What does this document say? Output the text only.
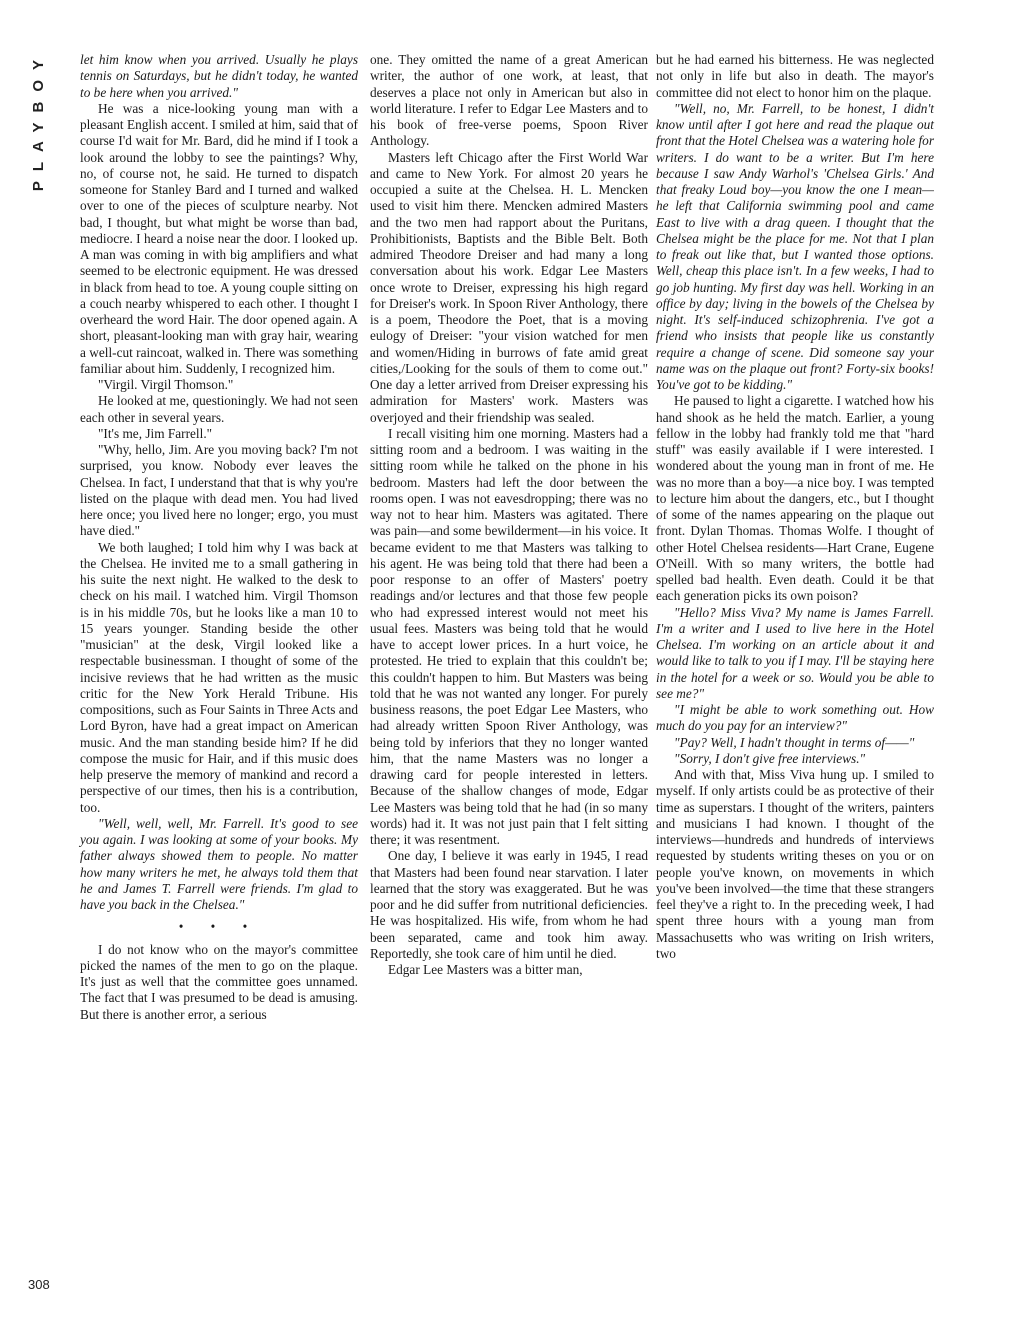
PLAYBOY
308

let him know when you arrived. Usually he plays tennis on Saturdays, but he didn't today, he wanted to be here when you arrived."

He was a nice-looking young man with a pleasant English accent. I smiled at him, said that of course I'd wait for Mr. Bard, did he mind if I took a look around the lobby to see the paintings? Why, no, of course not, he said. He turned to dispatch someone for Stanley Bard and I turned and walked over to one of the pieces of sculpture nearby. Not bad, I thought, but what might be worse than bad, mediocre. I heard a noise near the door. I looked up. A man was coming in with big amplifiers and what seemed to be electronic equipment. He was dressed in black from head to toe. A young couple sitting on a couch nearby whispered to each other. I thought I overheard the word Hair. The door opened again. A short, pleasant-looking man with gray hair, wearing a well-cut raincoat, walked in. There was something familiar about him. Suddenly, I recognized him.

"Virgil. Virgil Thomson."

He looked at me, questioningly. We had not seen each other in several years.

"It's me, Jim Farrell."

"Why, hello, Jim. Are you moving back? I'm not surprised, you know. Nobody ever leaves the Chelsea. In fact, I understand that that is why you're listed on the plaque with dead men. You had lived here once; you lived here no longer; ergo, you must have died."

We both laughed; I told him why I was back at the Chelsea. He invited me to a small gathering in his suite the next night. He walked to the desk to check on his mail. I watched him. Virgil Thomson is in his middle 70s, but he looks like a man 10 to 15 years younger. Standing beside the other "musician" at the desk, Virgil looked like a respectable businessman. I thought of some of the incisive reviews that he had written as the music critic for the New York Herald Tribune. His compositions, such as Four Saints in Three Acts and Lord Byron, have had a great impact on American music. And the man standing beside him? If he did compose the music for Hair, and if this music does help preserve the memory of mankind and record a perspective of our times, then his is a contribution, too.

"Well, well, well, Mr. Farrell. It's good to see you again. I was looking at some of your books. My father always showed them to people. No matter how many writers he met, he always told them that he and James T. Farrell were friends. I'm glad to have you back in the Chelsea."

• • •

I do not know who on the mayor's committee picked the names of the men to go on the plaque. It's just as well that the committee goes unnamed. The fact that I was presumed to be dead is amusing. But there is another error, a serious

one. They omitted the name of a great American writer, the author of one work, at least, that deserves a place not only in American but also in world literature. I refer to Edgar Lee Masters and to his book of free-verse poems, Spoon River Anthology.

Masters left Chicago after the First World War and came to New York. For almost 20 years he occupied a suite at the Chelsea. H. L. Mencken used to visit him there. Mencken admired Masters and the two men had rapport about the Puritans, Prohibitionists, Baptists and the Bible Belt. Both admired Theodore Dreiser and had many a long conversation about his work. Edgar Lee Masters once wrote to Dreiser, expressing his high regard for Dreiser's work. In Spoon River Anthology, there is a poem, Theodore the Poet, that is a moving eulogy of Dreiser: "your vision watched for men and women/Hiding in burrows of fate amid great cities,/Looking for the souls of them to come out." One day a letter arrived from Dreiser expressing his admiration for Masters' work. Masters was overjoyed and their friendship was sealed.

I recall visiting him one morning. Masters had a sitting room and a bedroom. I was waiting in the sitting room while he talked on the phone in his bedroom. Masters had left the door between the rooms open. I was not eavesdropping; there was no way not to hear him. Masters was agitated. There was pain—and some bewilderment—in his voice. It became evident to me that Masters was talking to his agent. He was being told that there had been a poor response to an offer of Masters' poetry readings and/or lectures and that those few people who had expressed interest would not meet his usual fees. Masters was being told that he would have to accept lower prices. In a hurt voice, he protested. He tried to explain that this couldn't be; this couldn't happen to him. But Masters was being told that he was not wanted any longer. For purely business reasons, the poet Edgar Lee Masters, who had already written Spoon River Anthology, was being told by inferiors that they no longer wanted him, that the name Masters was no longer a drawing card for people interested in letters. Because of the shallow changes of mode, Edgar Lee Masters was being told that he had (in so many words) had it. It was not just pain that I felt sitting there; it was resentment.

One day, I believe it was early in 1945, I read that Masters had been found near starvation. I later learned that the story was exaggerated. But he was poor and he did suffer from nutritional deficiencies. He was hospitalized. His wife, from whom he had been separated, came and took him away. Reportedly, she took care of him until he died.

Edgar Lee Masters was a bitter man,

but he had earned his bitterness. He was neglected not only in life but also in death. The mayor's committee did not elect to honor him on the plaque.

"Well, no, Mr. Farrell, to be honest, I didn't know until after I got here and read the plaque out front that the Hotel Chelsea was a watering hole for writers. I do want to be a writer. But I'm here because I saw Andy Warhol's 'Chelsea Girls.' And that freaky Loud boy—you know the one I mean—he left that California swimming pool and came East to live with a drag queen. I thought that the Chelsea might be the place for me. Not that I plan to freak out like that, but I wanted those options. Well, cheap this place isn't. In a few weeks, I had to go job hunting. My first day was hell. Working in an office by day; living in the bowels of the Chelsea by night. It's self-induced schizophrenia. I've got a friend who insists that people like us constantly require a change of scene. Did someone say your name was on the plaque out front? Forty-six books! You've got to be kidding."

He paused to light a cigarette. I watched how his hand shook as he held the match. Earlier, a young fellow in the lobby had frankly told me that "hard stuff" was easily available if I were interested. I wondered about the young man in front of me. He was no more than a boy—a nice boy. I was tempted to lecture him about the dangers, etc., but I thought of some of the names appearing on the plaque out front. Dylan Thomas. Thomas Wolfe. I thought of other Hotel Chelsea residents—Hart Crane, Eugene O'Neill. With so many writers, the bottle had spelled bad health. Even death. Could it be that each generation picks its own poison?

"Hello? Miss Viva? My name is James Farrell. I'm a writer and I used to live here in the Hotel Chelsea. I'm working on an article about it and would like to talk to you if I may. I'll be staying here in the hotel for a week or so. Would you be able to see me?"

"I might be able to work something out. How much do you pay for an interview?"

"Pay? Well, I hadn't thought in terms of——"

"Sorry, I don't give free interviews."

And with that, Miss Viva hung up. I smiled to myself. If only artists could be as protective of their time as superstars. I thought of the writers, painters and musicians I had known. I thought of the interviews—hundreds and hundreds of interviews requested by students writing theses on you or on people you've known, on movements in which you've been involved—the time that these strangers feel they've a right to. In the preceding week, I had spent three hours with a young man from Massachusetts who was writing on Irish writers, two
